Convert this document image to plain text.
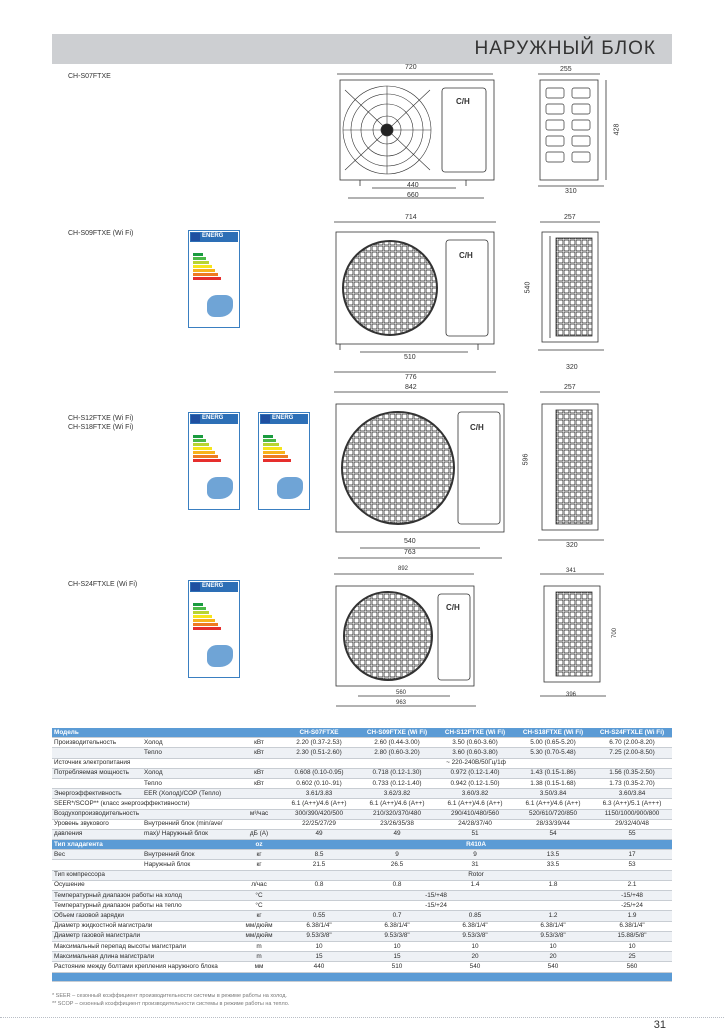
НАРУЖНЫЙ БЛОК
CH-S07FTXE
CH-S09FTXE (Wi Fi)
CH-S12FTXE (Wi Fi)
CH-S18FTXE (Wi Fi)
CH-S24FTXLE (Wi Fi)
ENERG
ENERG	ENERG
ENERG
C/H
C/H
C/H
C/H
720	255
428
440
660
310
714	257
540
510
320
776
842	257
596
540
763
320
892	341
700
560
963
396
Модель			CH-S07FTXE	CH-S09FTXE (Wi Fi)	CH-S12FTXE (Wi Fi)	CH-S18FTXE (Wi Fi)	CH-S24FTXLE (Wi Fi)
Производительность	Холод	кВт	2.20 (0.37-2.53)	2.60 (0.44-3.00)	3.50 (0.60-3.60)	5.00 (0.65-5.20)	6.70 (2.00-8.20)
	Тепло	кВт	2.30 (0.51-2.60)	2.80 (0.60-3.20)	3.60 (0.60-3.80)	5.30 (0.70-5.48)	7.25 (2.00-8.50)
Источник электропитания			~ 220-240В/50Гц/1ф				
Потребляемая мощность	Холод	кВт	0.608 (0.10-0.95)	0.718 (0.12-1.30)	0.972 (0.12-1.40)	1.43 (0.15-1.86)	1.56 (0.35-2.50)
	Тепло	кВт	0.602 (0.10-.91)	0.733 (0.12-1.40)	0.942 (0.12-1.50)	1.38 (0.15-1.68)	1.73 (0.35-2.70)
Энергоэффективность	EER (Холод)/COP (Тепло)		3.61/3.83	3.62/3.82	3.60/3.82	3.50/3.84	3.60/3.84
SEER*/SCOP** (класс энергоэффективности)			6.1 (A++)/4.6 (A++)	6.1 (A++)/4.6 (A++)	6.1 (A++)/4.6 (A++)	6.1 (A++)/4.6 (A++)	6.3 (A++)/5.1 (A+++)
Воздухопроизводительность		м³/час	300/390/420/500	210/320/370/480	290/410/480/560	520/610/720/850	1150/1000/900/800
Уровень звукового	Внутренний блок (min/ave/		22/25/27/29	23/26/35/38	24/28/37/40	28/33/39/44	29/32/40/48
давления	max)/ Наружный блок	дБ (A)	49	49	51	54	55
Тип хладагента		oz	R410A				
Вес	Внутренний блок	кг	8.5	9	9	13.5	17
	Наружный блок	кг	21.5	26.5	31	33.5	53
Тип компрессора			Rotor				
Осушение		л/час	0.8	0.8	1.4	1.8	2.1
Температурный диапазон работы на холод		°C	-15/+48				-15/+48
Температурный диапазон работы на тепло		°C	-15/+24				-25/+24
Объем газовой зарядки		кг	0.55	0.7	0.85	1.2	1.9
Диаметр жидкостной магистрали		мм/дюйм	6.38/1/4"	6.38/1/4"	6.38/1/4"	6.38/1/4"	6.38/1/4"
Диаметр газовой магистрали		мм/дюйм	9.53/3/8"	9.53/3/8"	9.53/3/8"	9.53/3/8"	15.88/5/8"
Максимальный перепад высоты магистрали		m	10	10	10	10	10
Максимальная длина магистрали		m	15	15	20	20	25
Растояние между болтами крепления наружного блока		мм	440	510	540	540	560

* SEER – сезонный коэффициент производительности системы в режиме работы на холод.
** SCOP – сезонный коэффициент производительности системы в режиме работы на тепло.
31
